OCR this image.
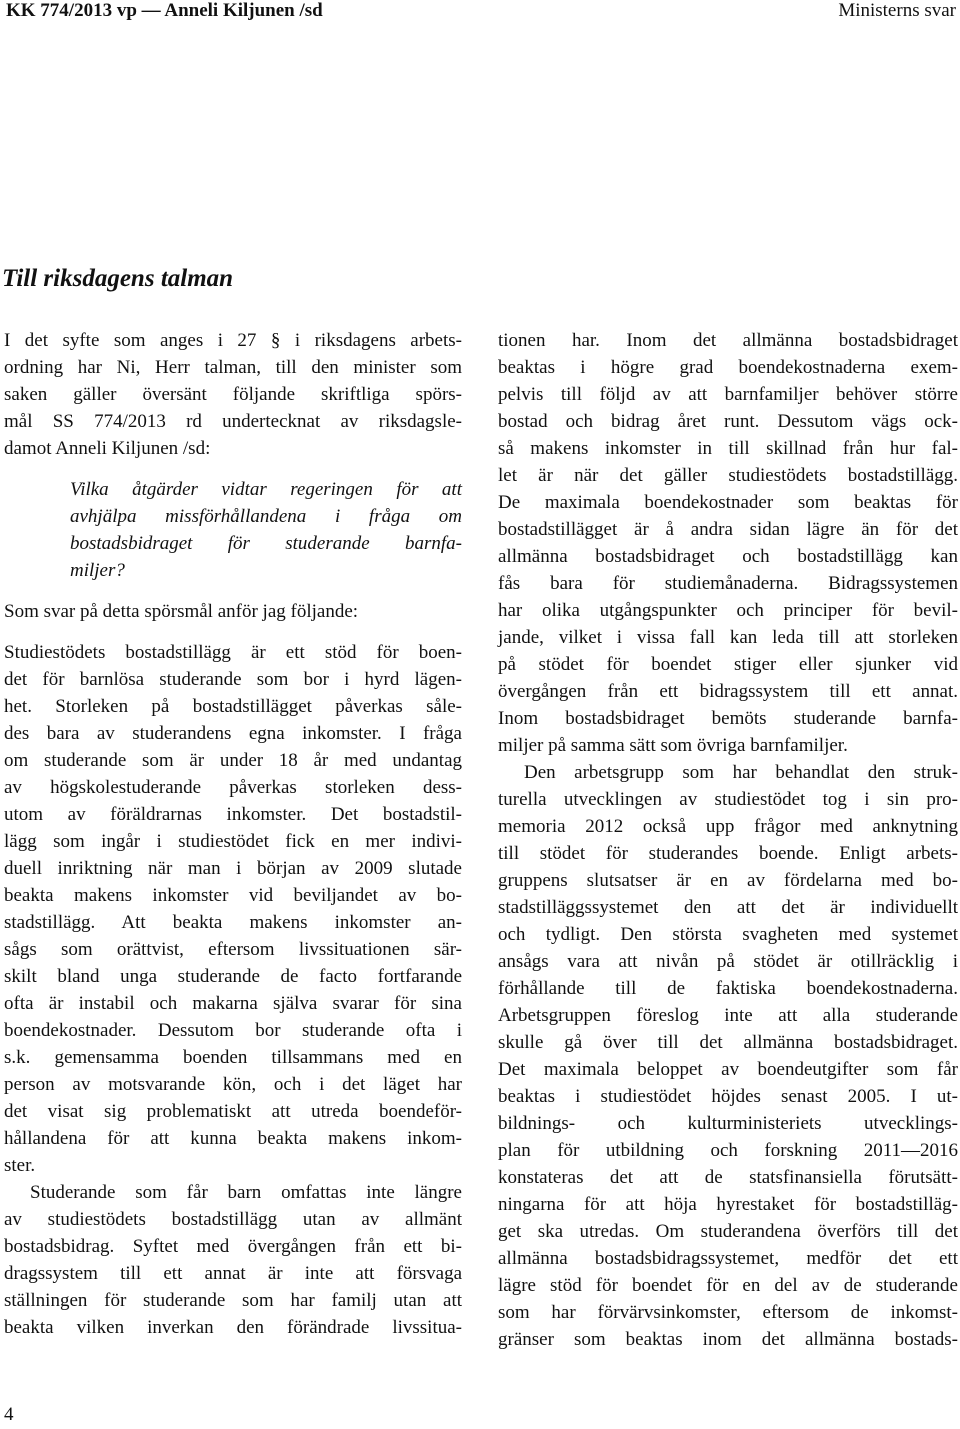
KK 774/2013 vp — Anneli Kiljunen /sd	Ministerns svar
Till riksdagens talman

I det syfte som anges i 27 § i riksdagens arbets-

ordning har Ni, Herr talman, till den minister som

saken gäller översänt följande skriftliga spörs-

mål SS 774/2013 rd undertecknat av riksdagsle-

damot Anneli Kiljunen /sd:

Vilka åtgärder vidtar regeringen för att

avhjälpa missförhållandena i fråga om

bostadsbidraget för studerande barnfa-

miljer?

Som svar på detta spörsmål anför jag följande:

Studiestödets bostadstillägg är ett stöd för boen-

det för barnlösa studerande som bor i hyrd lägen-

het. Storleken på bostadstillägget påverkas såle-

des bara av studerandens egna inkomster. I fråga

om studerande som är under 18 år med undantag

av högskolestuderande påverkas storleken dess-

utom av föräldrarnas inkomster. Det bostadstil-

lägg som ingår i studiestödet fick en mer indivi-

duell inriktning när man i början av 2009 slutade

beakta makens inkomster vid beviljandet av bo-

stadstillägg. Att beakta makens inkomster an-

sågs som orättvist, eftersom livssituationen sär-

skilt bland unga studerande de facto fortfarande

ofta är instabil och makarna själva svarar för sina

boendekostnader. Dessutom bor studerande ofta i

s.k. gemensamma boenden tillsammans med en

person av motsvarande kön, och i det läget har

det visat sig problematiskt att utreda boendeför-

hållandena för att kunna beakta makens inkom-

ster.

Studerande som får barn omfattas inte längre

av studiestödets bostadstillägg utan av allmänt

bostadsbidrag. Syftet med övergången från ett bi-

dragssystem till ett annat är inte att försvaga

ställningen för studerande som har familj utan att

beakta vilken inverkan den förändrade livssitua-

tionen har. Inom det allmänna bostadsbidraget

beaktas i högre grad boendekostnaderna exem-

pelvis till följd av att barnfamiljer behöver större

bostad och bidrag året runt. Dessutom vägs ock-

så makens inkomster in till skillnad från hur fal-

let är när det gäller studiestödets bostadstillägg.

De maximala boendekostnader som beaktas för

bostadstillägget är å andra sidan lägre än för det

allmänna bostadsbidraget och bostadstillägg kan

fås bara för studiemånaderna. Bidragssystemen

har olika utgångspunkter och principer för bevil-

jande, vilket i vissa fall kan leda till att storleken

på stödet för boendet stiger eller sjunker vid

övergången från ett bidragssystem till ett annat.

Inom bostadsbidraget bemöts studerande barnfa-

miljer på samma sätt som övriga barnfamiljer.

Den arbetsgrupp som har behandlat den struk-

turella utvecklingen av studiestödet tog i sin pro-

memoria 2012 också upp frågor med anknytning

till stödet för studerandes boende. Enligt arbets-

gruppens slutsatser är en av fördelarna med bo-

stadstilläggssystemet den att det är individuellt

och tydligt. Den största svagheten med systemet

ansågs vara att nivån på stödet är otillräcklig i

förhållande till de faktiska boendekostnaderna.

Arbetsgruppen föreslog inte att alla studerande

skulle gå över till det allmänna bostadsbidraget.

Det maximala beloppet av boendeutgifter som får

beaktas i studiestödet höjdes senast 2005. I ut-

bildnings- och kulturministeriets utvecklings-

plan för utbildning och forskning 2011—2016

konstateras det att de statsfinansiella förutsätt-

ningarna för att höja hyrestaket för bostadstilläg-

get ska utredas. Om studerandena överförs till det

allmänna bostadsbidragssystemet, medför det ett

lägre stöd för boendet för en del av de studerande

som har förvärvsinkomster, eftersom de inkomst-

gränser som beaktas inom det allmänna bostads-

4
